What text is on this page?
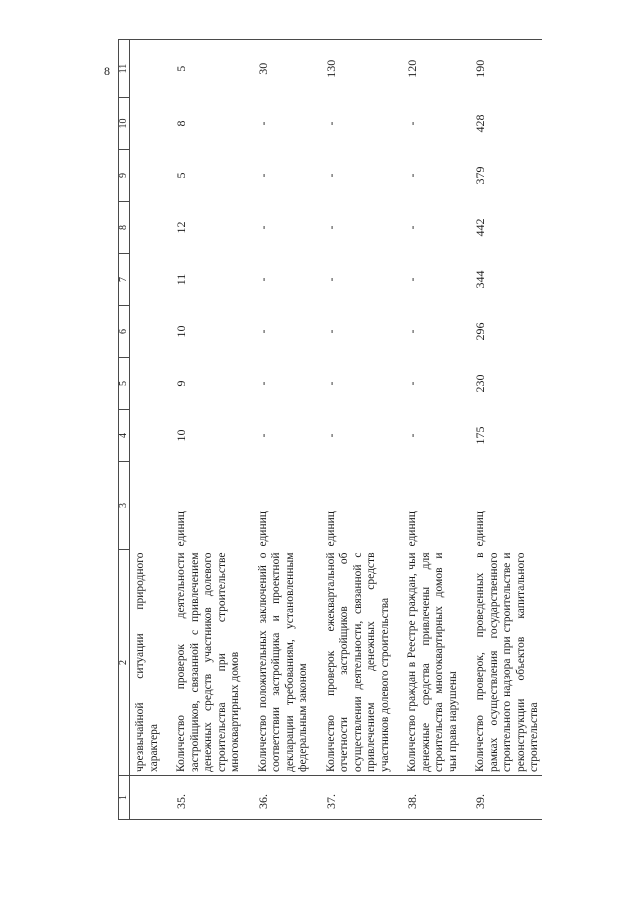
8
1	2	3	4	5	6	7	8	9	10	11
	чрезвычайной ситуации природного характера									

35.	Количество проверок деятельности застройщиков, связанной с привлечением денежных средств участников долевого строительства при строительстве многоквартирных домов	единиц	10	9	10	11	12	5	8	5

36.	Количество положительных заключений о соответствии застройщика и проектной декларации требованиям, установленным федеральным законом	единиц	-	-	-	-	-	-	-	30

37.	Количество проверок ежеквартальной отчетности застройщиков об осуществлении деятельности, связанной с привлечением денежных средств участников долевого строительства	единиц	-	-	-	-	-	-	-	130

38.	Количество граждан в Реестре граждан, чьи денежные средства привлечены для строительства многоквартирных домов и чьи права нарушены	единиц	-	-	-	-	-	-	-	120

39.	Количество проверок, проведенных в рамках осуществления государственного строительного надзора при строительстве и реконструкции объектов капитального строительства	единиц	175	230	296	344	442	379	428	190
